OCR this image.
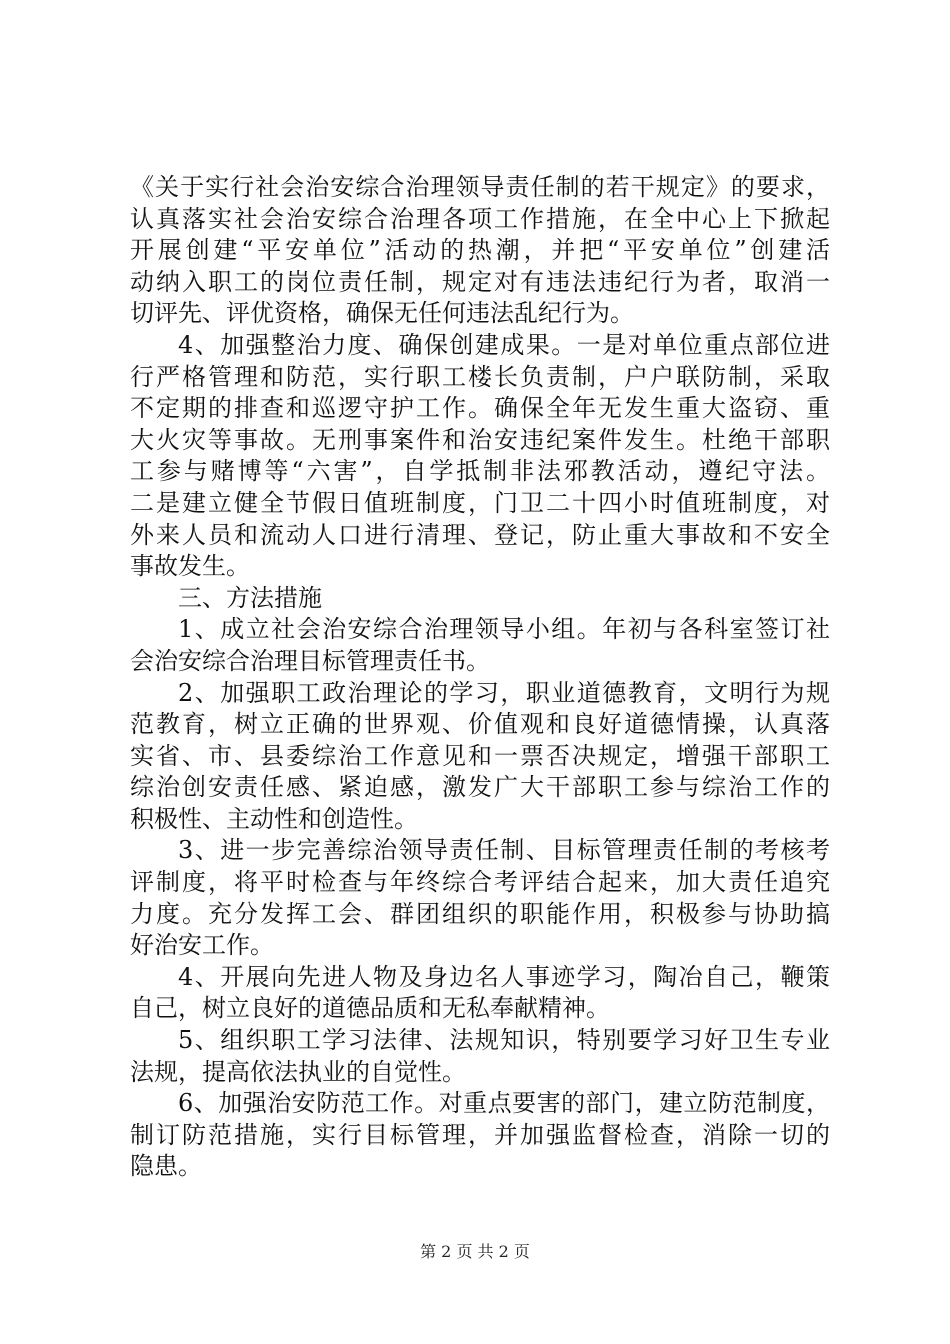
《关于实行社会治安综合治理领导责任制的若干规定》的要求，
认真落实社会治安综合治理各项工作措施，在全中心上下掀起
开展创建“平安单位”活动的热潮，并把“平安单位”创建活
动纳入职工的岗位责任制，规定对有违法违纪行为者，取消一
切评先、评优资格，确保无任何违法乱纪行为。
4、加强整治力度、确保创建成果。一是对单位重点部位进
行严格管理和防范，实行职工楼长负责制，户户联防制，采取
不定期的排查和巡逻守护工作。确保全年无发生重大盗窃、重
大火灾等事故。无刑事案件和治安违纪案件发生。杜绝干部职
工参与赌博等“六害”，自学抵制非法邪教活动，遵纪守法。
二是建立健全节假日值班制度，门卫二十四小时值班制度，对
外来人员和流动人口进行清理、登记，防止重大事故和不安全
事故发生。
三、方法措施
1、成立社会治安综合治理领导小组。年初与各科室签订社
会治安综合治理目标管理责任书。
2、加强职工政治理论的学习，职业道德教育，文明行为规
范教育，树立正确的世界观、价值观和良好道德情操，认真落
实省、市、县委综治工作意见和一票否决规定，增强干部职工
综治创安责任感、紧迫感，激发广大干部职工参与综治工作的
积极性、主动性和创造性。
3、进一步完善综治领导责任制、目标管理责任制的考核考
评制度，将平时检查与年终综合考评结合起来，加大责任追究
力度。充分发挥工会、群团组织的职能作用，积极参与协助搞
好治安工作。
4、开展向先进人物及身边名人事迹学习，陶冶自己，鞭策
自己，树立良好的道德品质和无私奉献精神。
5、组织职工学习法律、法规知识，特别要学习好卫生专业
法规，提高依法执业的自觉性。
6、加强治安防范工作。对重点要害的部门，建立防范制度，
制订防范措施，实行目标管理，并加强监督检查，消除一切的
隐患。
第 2 页 共 2 页
